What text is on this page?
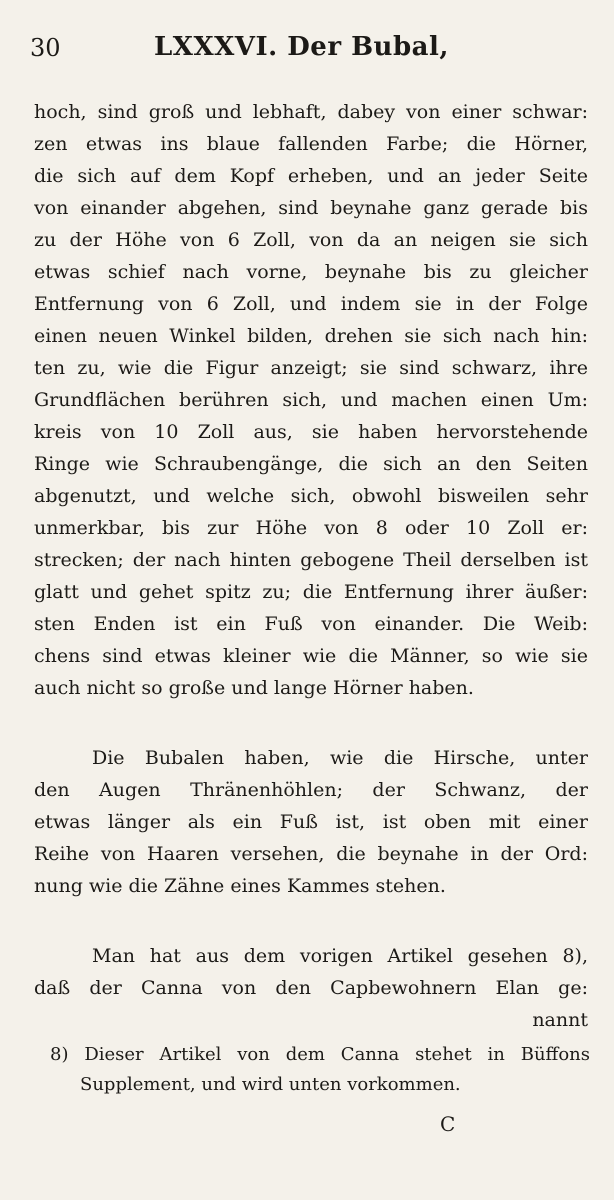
30	LXXXVI. Der Bubal,
hoch, sind groß und lebhaft, dabey von einer schwar:
zen etwas ins blaue fallenden Farbe; die Hörner,
die sich auf dem Kopf erheben, und an jeder Seite
von einander abgehen, sind beynahe ganz gerade bis
zu der Höhe von 6 Zoll, von da an neigen sie sich
etwas schief nach vorne, beynahe bis zu gleicher
Entfernung von 6 Zoll, und indem sie in der Folge
einen neuen Winkel bilden, drehen sie sich nach hin:
ten zu, wie die Figur anzeigt; sie sind schwarz, ihre
Grundflächen berühren sich, und machen einen Um:
kreis von 10 Zoll aus, sie haben hervorstehende
Ringe wie Schraubengänge, die sich an den Seiten
abgenutzt, und welche sich, obwohl bisweilen sehr
unmerkbar, bis zur Höhe von 8 oder 10 Zoll er:
strecken; der nach hinten gebogene Theil derselben ist
glatt und gehet spitz zu; die Entfernung ihrer äußer:
sten Enden ist ein Fuß von einander. Die Weib:
chens sind etwas kleiner wie die Männer, so wie sie
auch nicht so große und lange Hörner haben.
Die Bubalen haben, wie die Hirsche, unter
den Augen Thränenhöhlen; der Schwanz, der
etwas länger als ein Fuß ist, ist oben mit einer
Reihe von Haaren versehen, die beynahe in der Ord:
nung wie die Zähne eines Kammes stehen.
Man hat aus dem vorigen Artikel gesehen 8),
daß der Canna von den Capbewohnern Elan ge:
nannt
8) Dieser Artikel von dem Canna stehet in Büffons
Supplement, und wird unten vorkommen.
C
